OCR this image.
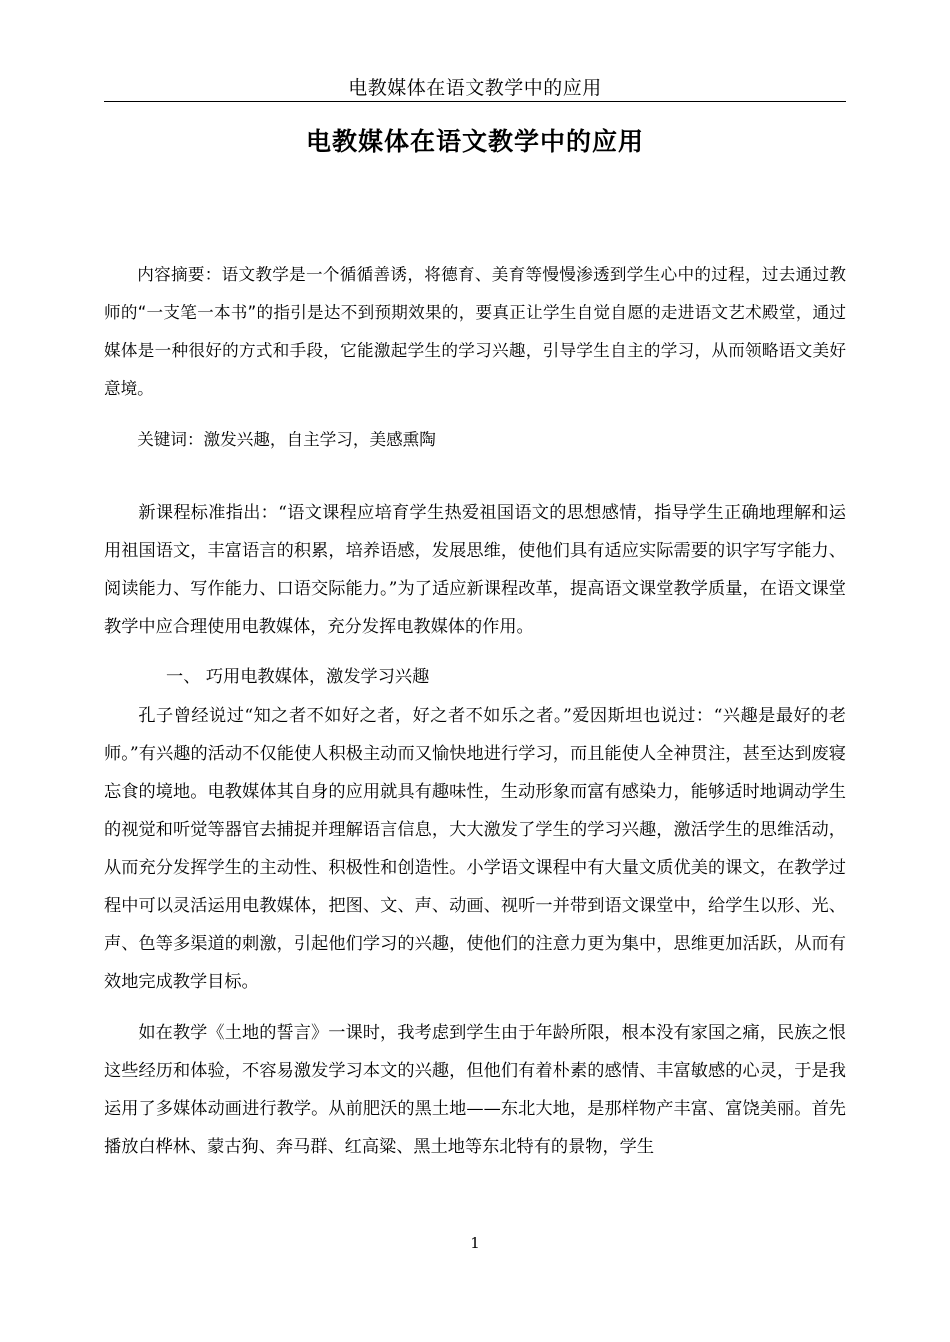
电教媒体在语文教学中的应用
电教媒体在语文教学中的应用
内容摘要：语文教学是一个循循善诱，将德育、美育等慢慢渗透到学生心中的过程，过去通过教师的“一支笔一本书”的指引是达不到预期效果的，要真正让学生自觉自愿的走进语文艺术殿堂，通过媒体是一种很好的方式和手段，它能激起学生的学习兴趣，引导学生自主的学习，从而领略语文美好意境。
关键词：激发兴趣，自主学习，美感熏陶
新课程标准指出：“语文课程应培育学生热爱祖国语文的思想感情，指导学生正确地理解和运用祖国语文，丰富语言的积累，培养语感，发展思维，使他们具有适应实际需要的识字写字能力、阅读能力、写作能力、口语交际能力。”为了适应新课程改革，提高语文课堂教学质量，在语文课堂教学中应合理使用电教媒体，充分发挥电教媒体的作用。
一、 巧用电教媒体，激发学习兴趣
孔子曾经说过“知之者不如好之者，好之者不如乐之者。”爱因斯坦也说过：“兴趣是最好的老师。”有兴趣的活动不仅能使人积极主动而又愉快地进行学习，而且能使人全神贯注，甚至达到废寝忘食的境地。电教媒体其自身的应用就具有趣味性，生动形象而富有感染力，能够适时地调动学生的视觉和听觉等器官去捕捉并理解语言信息，大大激发了学生的学习兴趣，激活学生的思维活动，从而充分发挥学生的主动性、积极性和创造性。小学语文课程中有大量文质优美的课文，在教学过程中可以灵活运用电教媒体，把图、文、声、动画、视听一并带到语文课堂中，给学生以形、光、声、色等多渠道的刺激，引起他们学习的兴趣，使他们的注意力更为集中，思维更加活跃，从而有效地完成教学目标。
如在教学《土地的誓言》一课时，我考虑到学生由于年龄所限，根本没有家国之痛，民族之恨这些经历和体验，不容易激发学习本文的兴趣，但他们有着朴素的感情、丰富敏感的心灵，于是我运用了多媒体动画进行教学。从前肥沃的黑土地——东北大地，是那样物产丰富、富饶美丽。首先播放白桦林、蒙古狗、奔马群、红高粱、黑土地等东北特有的景物，学生
1
